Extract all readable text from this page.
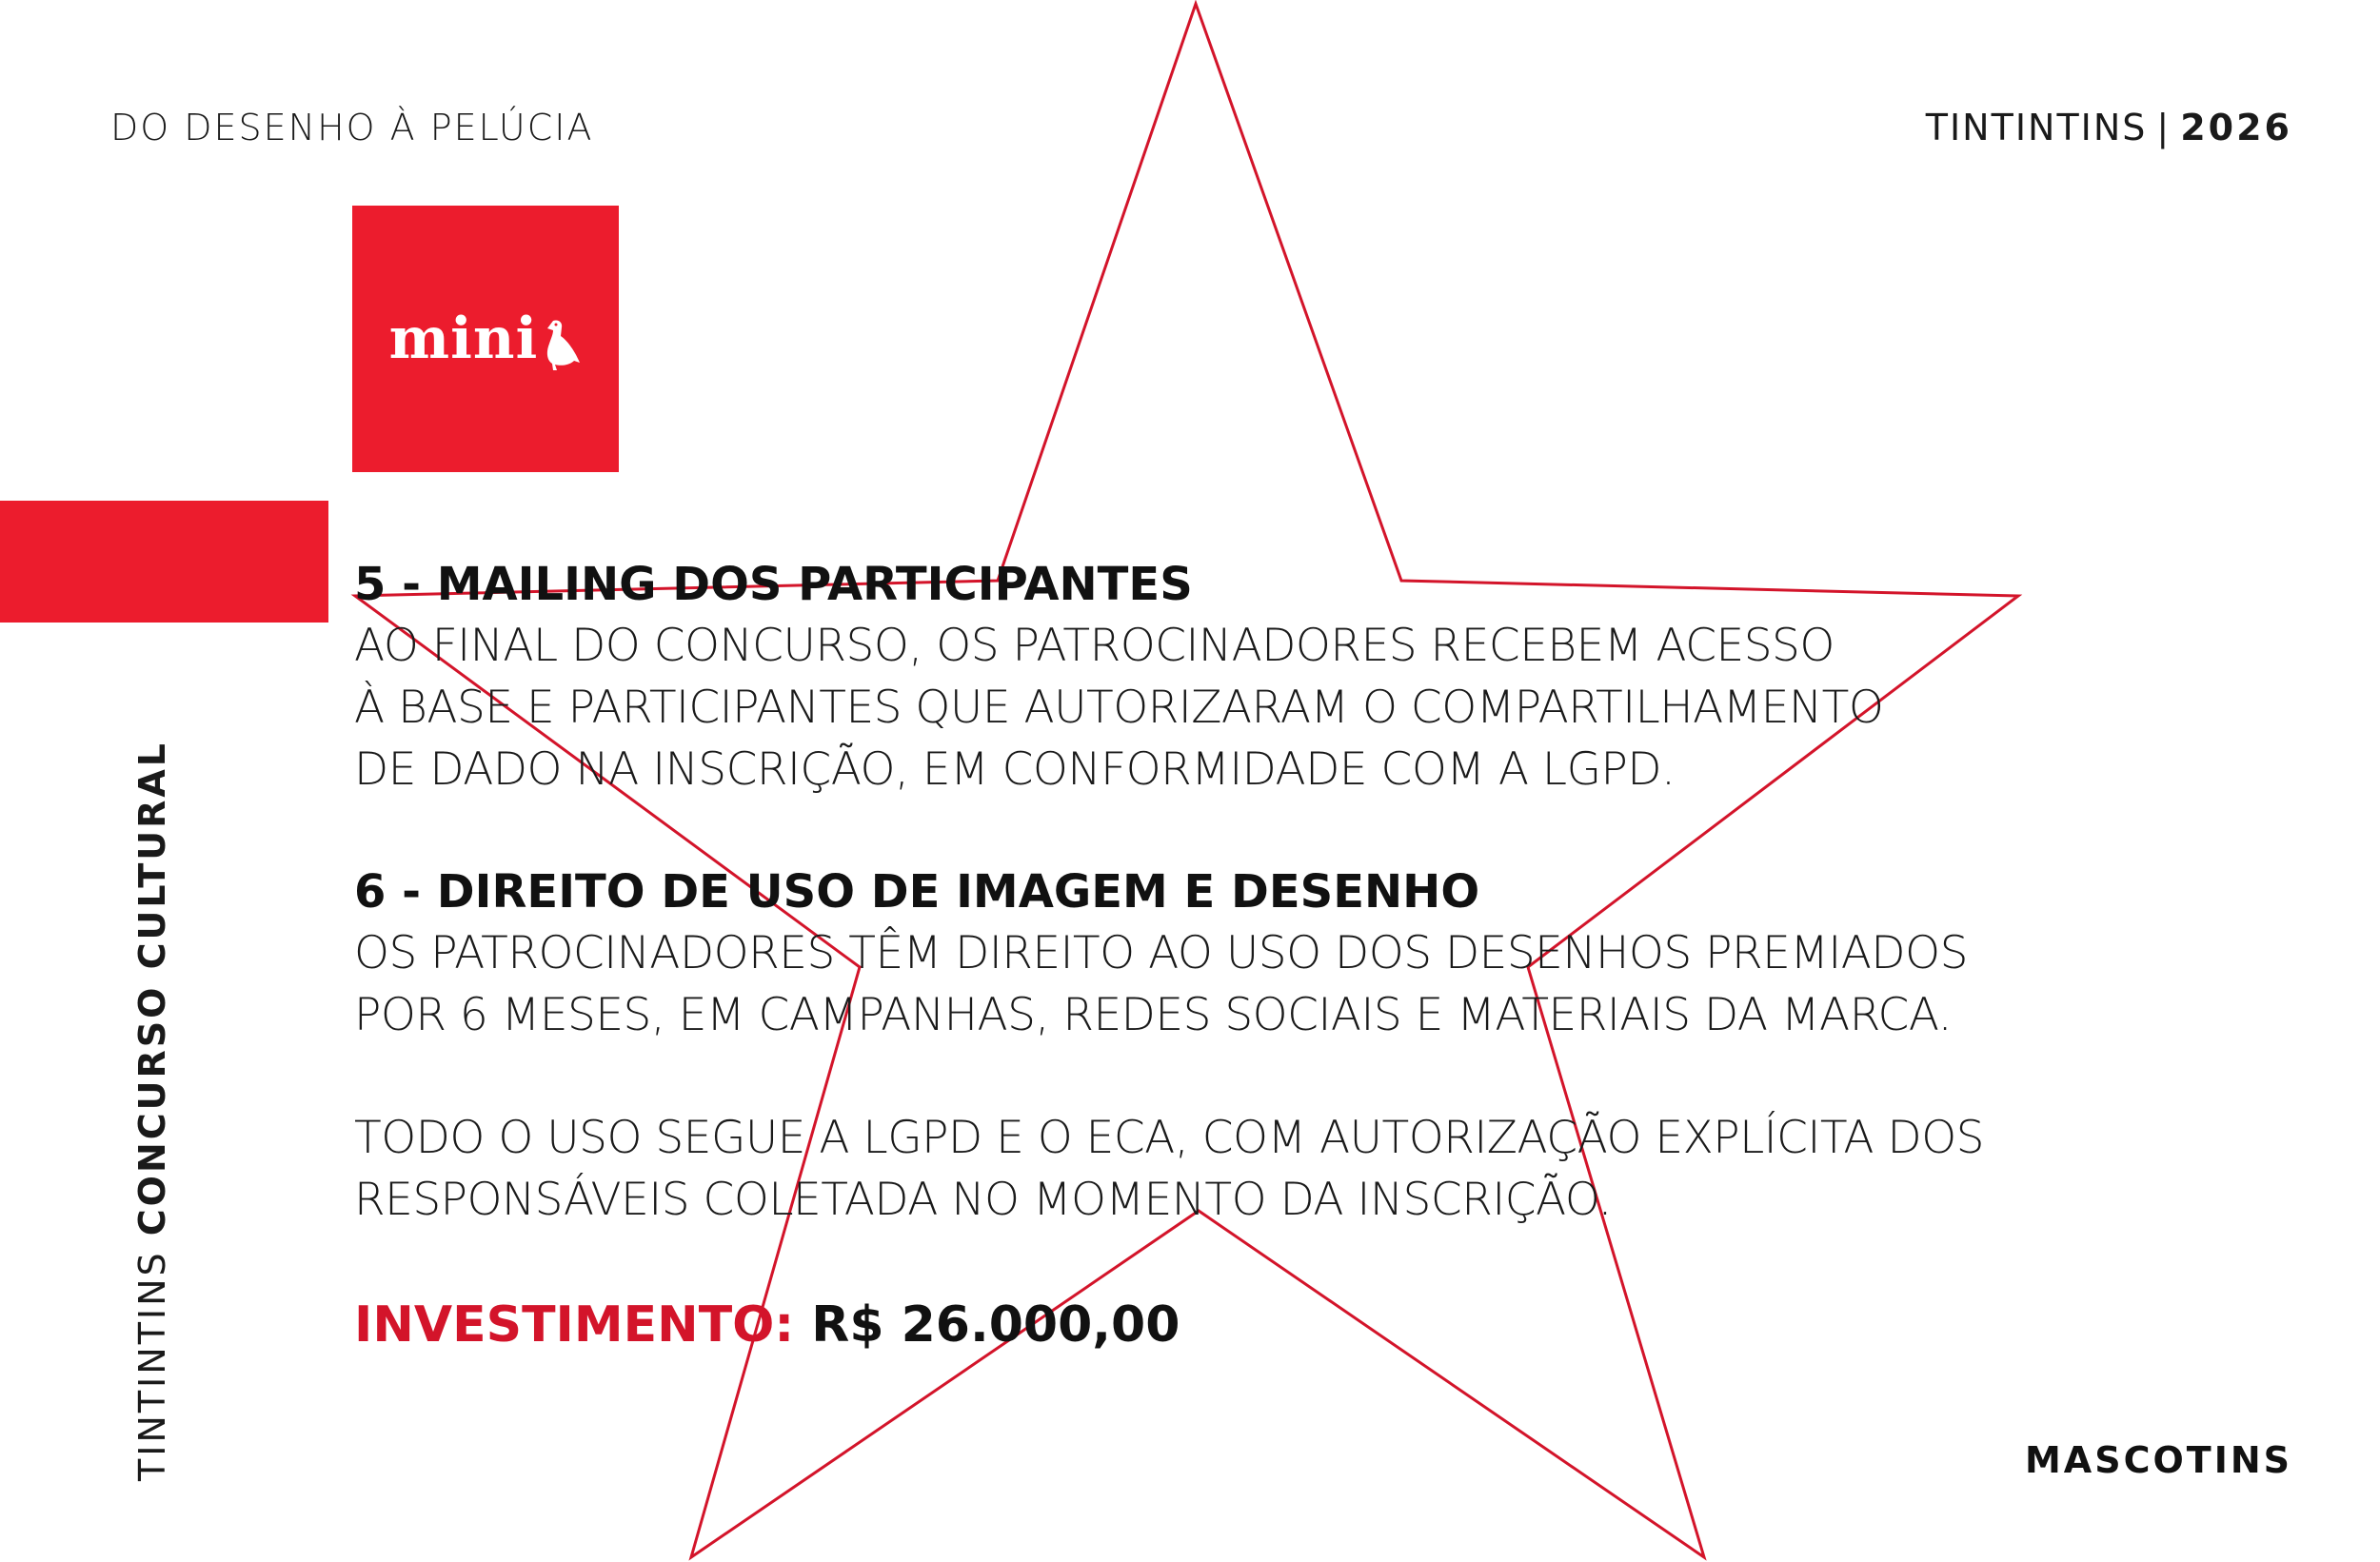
DO DESENHO À PELÚCIA	TINTINTINS | 2026
mini
TINTINTINS CONCURSO CULTURAL
5 - MAILING DOS PARTICIPANTES
AO FINAL DO CONCURSO, OS PATROCINADORES RECEBEM ACESSO
À BASE E PARTICIPANTES QUE AUTORIZARAM O COMPARTILHAMENTO
DE DADO NA INSCRIÇÃO, EM CONFORMIDADE COM A LGPD.
6 - DIREITO DE USO DE IMAGEM E DESENHO
OS PATROCINADORES TÊM DIREITO AO USO DOS DESENHOS PREMIADOS
POR 6 MESES, EM CAMPANHAS, REDES SOCIAIS E MATERIAIS DA MARCA.
TODO O USO SEGUE A LGPD E O ECA, COM AUTORIZAÇÃO EXPLÍCITA DOS
RESPONSÁVEIS COLETADA NO MOMENTO DA INSCRIÇÃO.
INVESTIMENTO: R$ 26.000,00
MASCOTINS
